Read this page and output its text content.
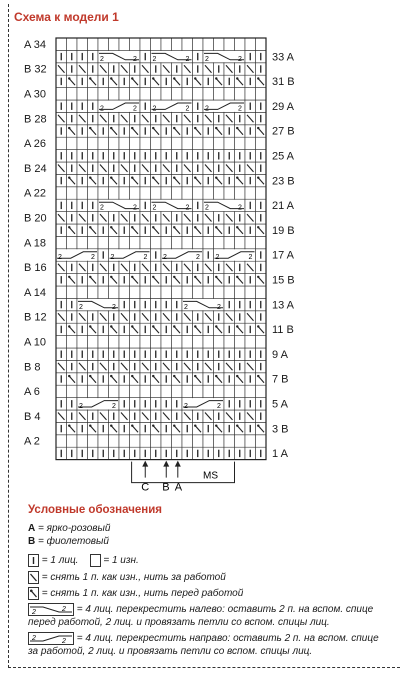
Схема к модели 1
A 34
B 32
A 30
B 28
A 26
B 24
A 22
B 20
A 18
B 16
A 14
B 12
A 10
B 8
A 6
B 4
A 2
33 A
31 B
29 A
27 B
25 A
23 B
21 A
19 B
17 A
15 B
13 A
11 B
9 A
7 B
5 A
3 B
1 A
2	2 2	2 2	2
2	2 2	2 2	2
2	2 2	2 2	2
2	2 2	2 2	2 2	2
2	2	2	2
2	2	2	2
C B A
MS
Условные обозначения
A = ярко-розовый
B = фиолетовый
= 1 лиц. = 1 изн.
= снять 1 п. как изн., нить за работой
= снять 1 п. как изн., нить перед работой
2	2 = 4 лиц. перекрестить налево: оставить 2 п. на вспом. спице перед работой, 2 лиц. и провязать петли со вспом. спицы лиц.
2	2 = 4 лиц. перекрестить направо: оставить 2 п. на вспом. спице за работой, 2 лиц. и провязать петли со вспом. спицы лиц.
